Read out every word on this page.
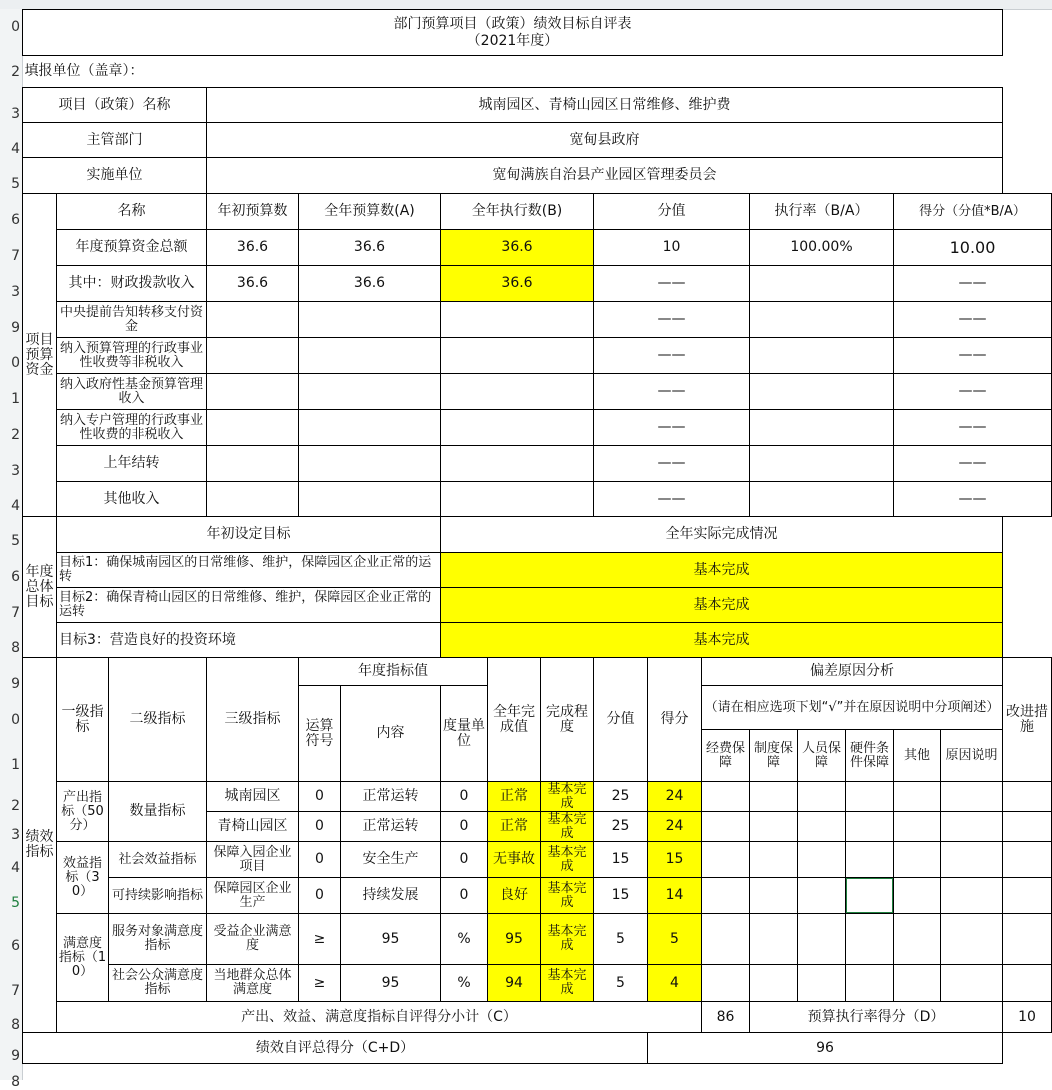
0
2
3
4
5
6
7
3
9
0
1
2
3
4
5
6
7
8
9
0
1
2
3
4
5
6
7
8
9
8
部门预算项目（政策）绩效目标自评表
（2021年度）																	

填报单位（盖章）：																	
项目（政策）名称			城南园区、青椅山园区日常维修、维护费														
主管部门			宽甸县政府														
实施单位			宽甸满族自治县产业园区管理委员会														
项目预算资金	名称		年初预算数	全年预算数(A)		全年执行数(B)			分值			执行率（B/A）			得分（分值*B/A）		
	年度预算资金总额		36.6	36.6		36.6			10			100.00%			10.00		
	其中：财政拨款收入		36.6	36.6		36.6			——						——		
	中央提前告知转移支付资金								——						——		
	纳入预算管理的行政事业性收费等非税收入								——						——		
	纳入政府性基金预算管理收入								——						——		
	纳入专户管理的行政事业性收费的非税收入								——						——		
	上年结转								——						——		
	其他收入								——						——		
年度总体目标	年初设定目标					全年实际完成情况											
	目标1：确保城南园区的日常维修、维护，保障园区企业正常的运转					基本完成											
	目标2：确保青椅山园区的日常维修、维护，保障园区企业正常的运转					基本完成											
	目标3：营造良好的投资环境					基本完成											
绩效指标	一级指标	二级指标	三级指标	年度指标值			全年完成值	完成程度	分值	得分	偏差原因分析						改进措施
				运算符号	内容	度量单位					（请在相应选项下划“√”并在原因说明中分项阐述）						
											经费保障	制度保障	人员保障	硬件条件保障	其他	原因说明	
	产出指标（50分）	数量指标	城南园区	0	正常运转	0	正常	基本完成	25	24							
			青椅山园区	0	正常运转	0	正常	基本完成	25	24							
	效益指标（30）	社会效益指标	保障入园企业项目	0	安全生产	0	无事故	基本完成	15	15							
		可持续影响指标	保障园区企业生产	0	持续发展	0	良好	基本完成	15	14							
	满意度指标（10）	服务对象满意度指标	受益企业满意度	≥	95	%	95	基本完成	5	5							
		社会公众满意度指标	当地群众总体满意度	≥	95	%	94	基本完成	5	4							
	产出、效益、满意度指标自评得分小计（C）										86	预算执行率得分（D）					10
绩效自评总得分（C+D）										96							
